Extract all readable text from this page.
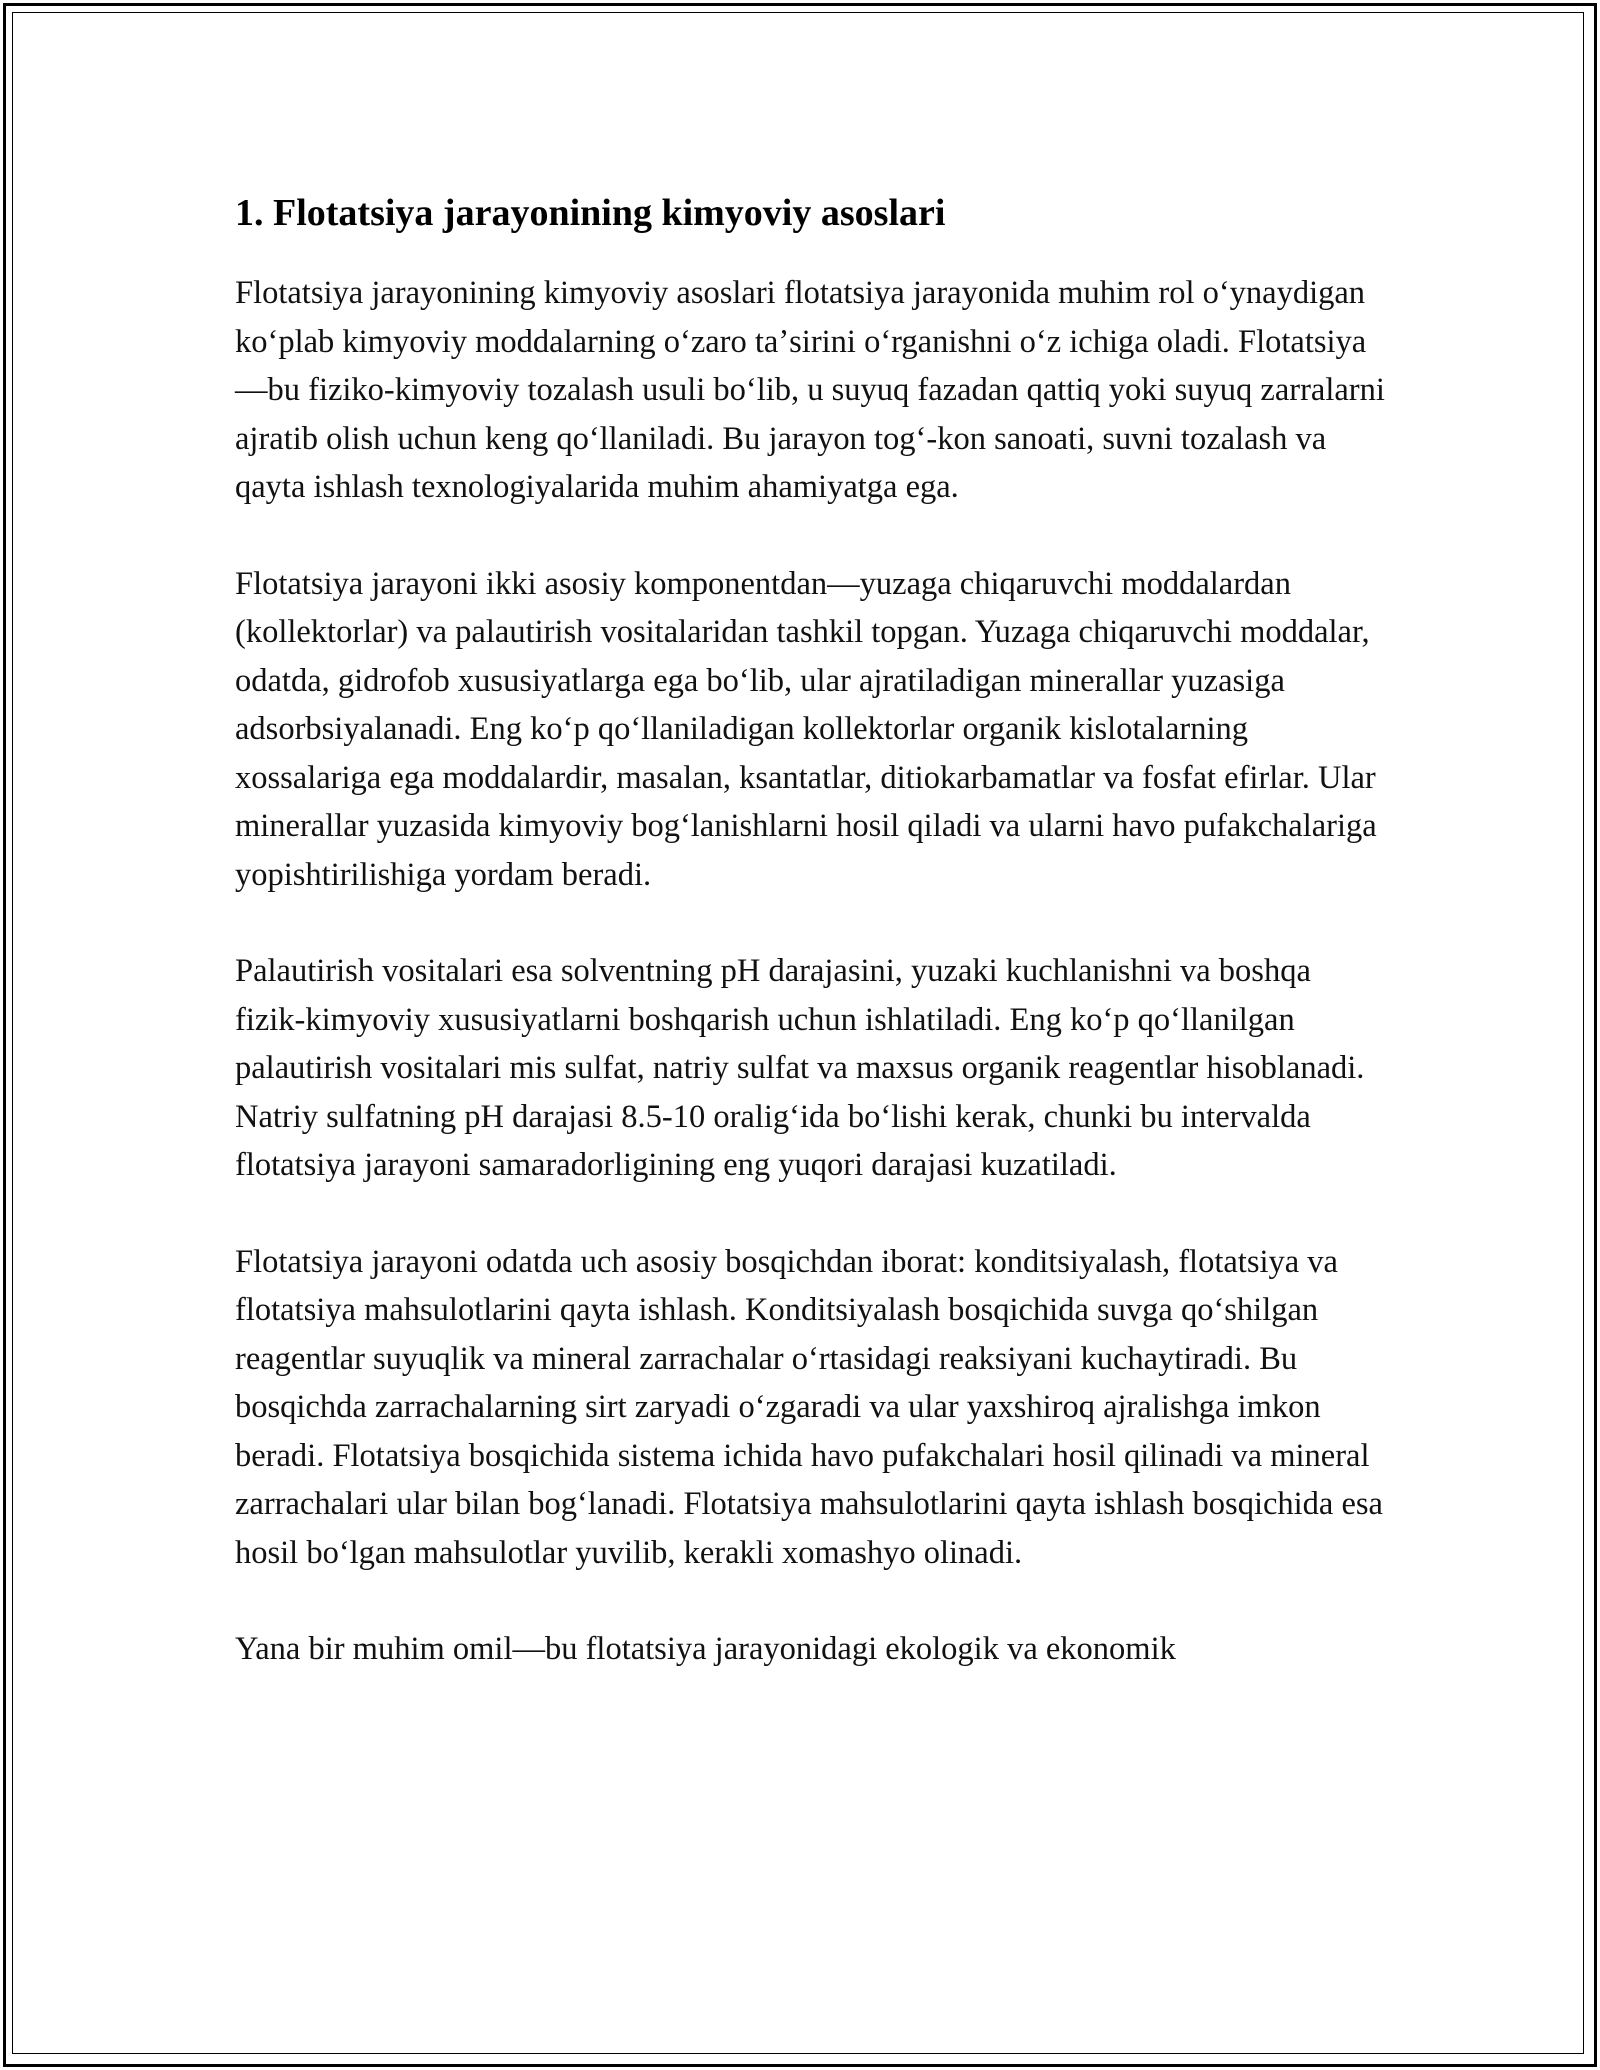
1. Flotatsiya jarayonining kimyoviy asoslari

Flotatsiya jarayonining kimyoviy asoslari flotatsiya jarayonida muhim rol oʻynaydigan koʻplab kimyoviy moddalarning oʻzaro taʼsirini oʻrganishni oʻz ichiga oladi. Flotatsiya—bu fiziko-kimyoviy tozalash usuli boʻlib, u suyuq fazadan qattiq yoki suyuq zarralarni ajratib olish uchun keng qoʻllaniladi. Bu jarayon togʻ-kon sanoati, suvni tozalash va qayta ishlash texnologiyalarida muhim ahamiyatga ega.

Flotatsiya jarayoni ikki asosiy komponentdan—yuzaga chiqaruvchi moddalardan (kollektorlar) va palautirish vositalaridan tashkil topgan. Yuzaga chiqaruvchi moddalar, odatda, gidrofob xususiyatlarga ega boʻlib, ular ajratiladigan minerallar yuzasiga adsorbsiyalanadi. Eng koʻp qoʻllaniladigan kollektorlar organik kislotalarning xossalariga ega moddalardir, masalan, ksantatlar, ditiokarbamatlar va fosfat efirlar. Ular minerallar yuzasida kimyoviy bogʻlanishlarni hosil qiladi va ularni havo pufakchalariga yopishtirilishiga yordam beradi.

Palautirish vositalari esa solventning pH darajasini, yuzaki kuchlanishni va boshqa fizik-kimyoviy xususiyatlarni boshqarish uchun ishlatiladi. Eng koʻp qoʻllanilgan palautirish vositalari mis sulfat, natriy sulfat va maxsus organik reagentlar hisoblanadi. Natriy sulfatning pH darajasi 8.5-10 oraligʻida boʻlishi kerak, chunki bu intervalda flotatsiya jarayoni samaradorligining eng yuqori darajasi kuzatiladi.

Flotatsiya jarayoni odatda uch asosiy bosqichdan iborat: konditsiyalash, flotatsiya va flotatsiya mahsulotlarini qayta ishlash. Konditsiyalash bosqichida suvga qoʻshilgan reagentlar suyuqlik va mineral zarrachalar oʻrtasidagi reaksiyani kuchaytiradi. Bu bosqichda zarrachalarning sirt zaryadi oʻzgaradi va ular yaxshiroq ajralishga imkon beradi. Flotatsiya bosqichida sistema ichida havo pufakchalari hosil qilinadi va mineral zarrachalari ular bilan bogʻlanadi. Flotatsiya mahsulotlarini qayta ishlash bosqichida esa hosil boʻlgan mahsulotlar yuvilib, kerakli xomashyo olinadi.

Yana bir muhim omil—bu flotatsiya jarayonidagi ekologik va ekonomik
